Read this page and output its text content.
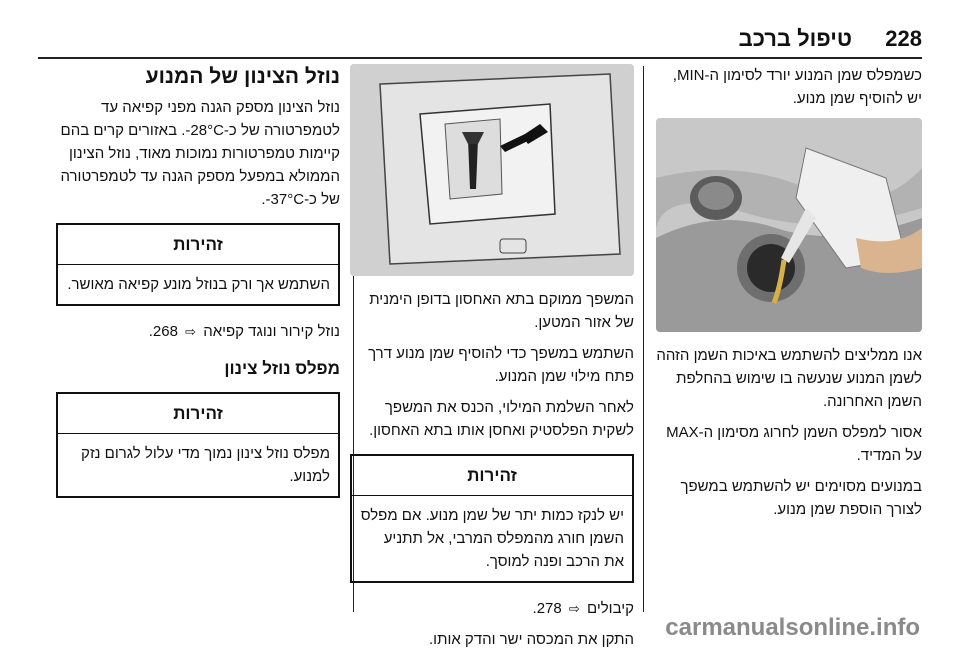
228
טיפול ברכב

כשמפלס שמן המנוע יורד לסימון ה-MIN, יש להוסיף שמן מנוע.

אנו ממליצים להשתמש באיכות השמן הזהה לשמן המנוע שנעשה בו שימוש בהחלפת השמן האחרונה.

אסור למפלס השמן לחרוג מסימון ה-MAX על המדיד.

במנועים מסוימים יש להשתמש במשפך לצורך הוספת שמן מנוע.

המשפך ממוקם בתא האחסון בדופן הימנית של אזור המטען.

השתמש במשפך כדי להוסיף שמן מנוע דרך פתח מילוי שמן המנוע.

לאחר השלמת המילוי, הכנס את המשפך לשקית הפלסטיק ואחסן אותו בתא האחסון.

זהירות
יש לנקז כמות יתר של שמן מנוע. אם מפלס השמן חורג מהמפלס המרבי, אל תתניע את הרכב ופנה למוסך.

קיבולים ⇨ 278.

התקן את המכסה ישר והדק אותו.

נוזל הצינון של המנוע

נוזל הצינון מספק הגנה מפני קפיאה עד לטמפרטורה של כ-28°C-. באזורים קרים בהם קיימות טמפרטורות נמוכות מאוד, נוזל הצינון הממולא במפעל מספק הגנה עד לטמפרטורה של כ-37°C-.

זהירות
השתמש אך ורק בנוזל מונע קפיאה מאושר.

נוזל קירור ונוגד קפיאה ⇨ 268.

מפלס נוזל צינון
זהירות
מפלס נוזל צינון נמוך מדי עלול לגרום נזק למנוע.
carmanualsonline.info
